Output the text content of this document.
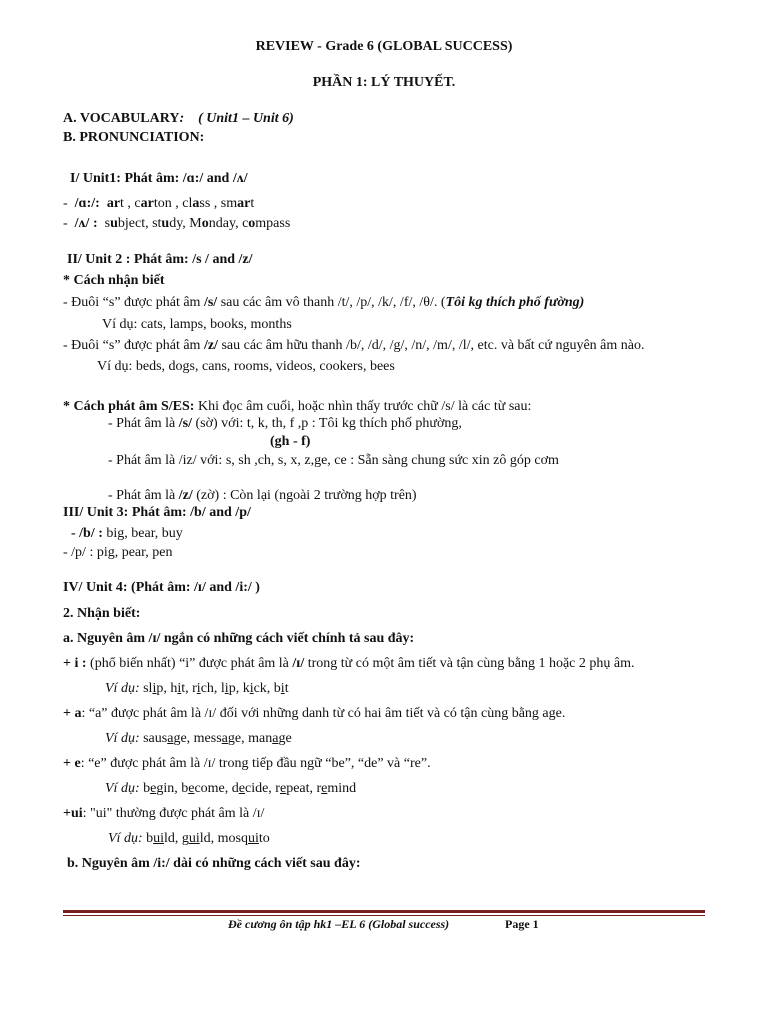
REVIEW - Grade 6 (GLOBAL SUCCESS)
PHẦN 1: LÝ THUYẾT.
A. VOCABULARY: ( Unit1 – Unit 6)
B. PRONUNCIATION:
I/ Unit1: Phát âm: /ɑ:/ and /ʌ/
-  /ɑ:/: art , carton , class , smart
-  /ʌ/ :  subject, study, Monday, compass
II/ Unit 2 : Phát âm: /s / and /z/
* Cách nhận biết
- Đuôi “s” được phát âm /s/ sau các âm vô thanh /t/, /p/, /k/, /f/, /θ/. (Tôi kg thích phố fường)
Ví dụ: cats, lamps, books, months
- Đuôi “s” được phát âm /z/ sau các âm hữu thanh /b/, /d/, /g/, /n/, /m/, /l/, etc. và bất cứ nguyên âm nào.
Ví dụ: beds, dogs, cans, rooms, videos, cookers, bees
* Cách phát âm S/ES: Khi đọc âm cuối, hoặc nhìn thấy trước chữ /s/ là các từ sau:
- Phát âm là /s/ (sờ) với: t, k, th, f ,p : Tôi kg thích phố phường,
(gh - f)
- Phát âm là /iz/ với: s, sh ,ch, s, x, z,ge, ce : Sẵn sàng chung sức xin zô góp cơm
- Phát âm là /z/ (zờ) : Còn lại (ngoài 2 trường hợp trên)
III/ Unit 3: Phát âm: /b/ and /p/
- /b/ : big, bear, buy
- /p/ : pig, pear, pen
IV/ Unit 4: (Phát âm: /ɪ/ and /i:/ )
2. Nhận biết:
a. Nguyên âm /ɪ/ ngắn có những cách viết chính tả sau đây:
+ i : (phổ biến nhất) “i” được phát âm là /ɪ/ trong từ có một âm tiết và tận cùng bằng 1 hoặc 2 phụ âm.
Ví dụ: slip, hit, rich, lip, kick, bit
+ a: “a” được phát âm là /ɪ/ đối với những danh từ có hai âm tiết và có tận cùng bằng age.
Ví dụ: sausage, message, manage
+ e: “e” được phát âm là /ɪ/ trong tiếp đầu ngữ “be”, “de” và “re”.
Ví dụ: begin, become, decide, repeat, remind
+ui: "ui" thường được phát âm là /ɪ/
Ví dụ: build, guild, mosquito
b. Nguyên âm /i:/ dài có những cách viết sau đây:
Đề cương ôn tập hk1 –EL 6 (Global success)	Page 1
